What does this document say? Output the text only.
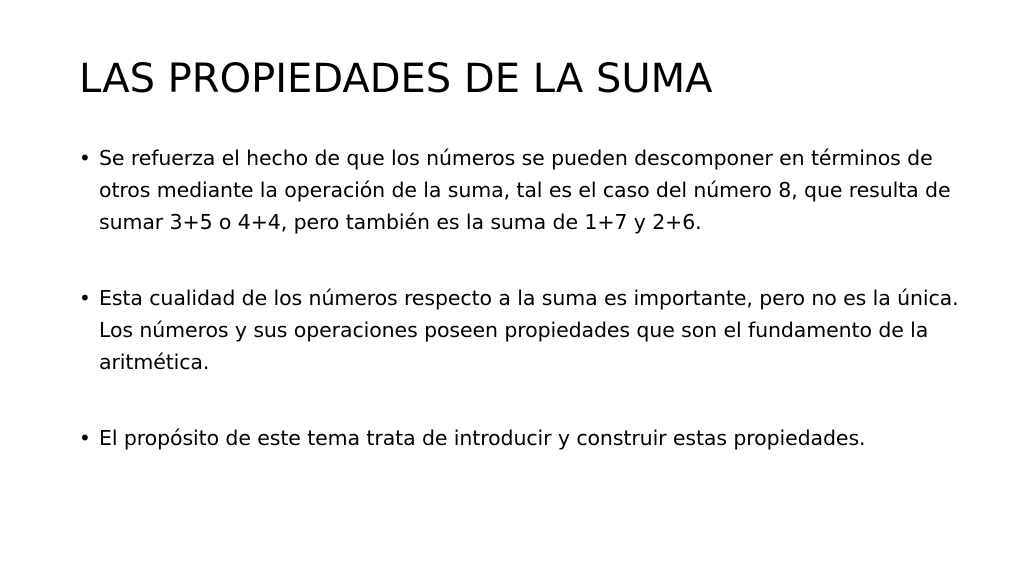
LAS PROPIEDADES DE LA SUMA
• Se refuerza el hecho de que los números se pueden descomponer en términos de otros mediante la operación de la suma, tal es el caso del número 8, que resulta de sumar 3+5 o 4+4, pero también es la suma de 1+7 y 2+6.
• Esta cualidad de los números respecto a la suma es importante, pero no es la única. Los números y sus operaciones poseen propiedades que son el fundamento de la aritmética.
• El propósito de este tema trata de introducir y construir estas propiedades.
